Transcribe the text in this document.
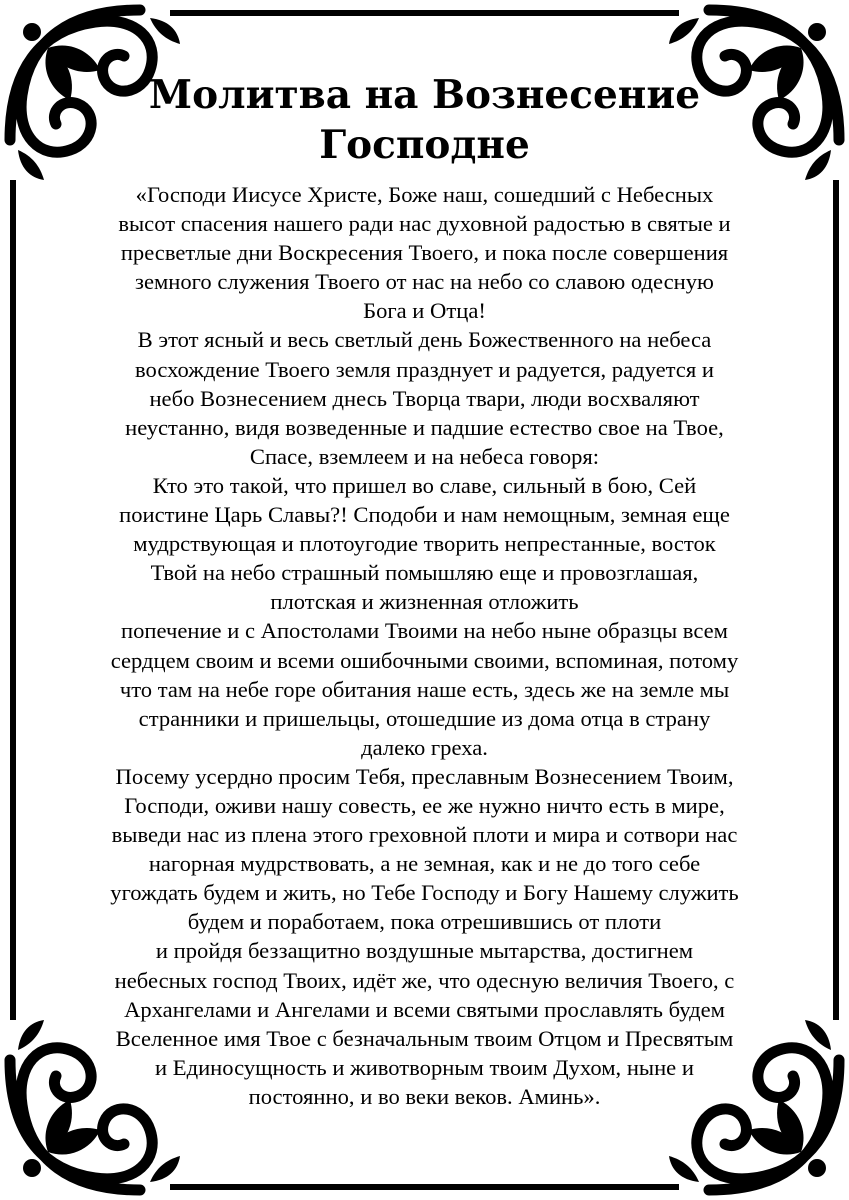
Молитва на Вознесение
Господне

«Господи Иисусе Христе, Боже наш, сошедший с Небесных
высот спасения нашего ради нас духовной радостью в святые и
пресветлые дни Воскресения Твоего, и пока после совершения
земного служения Твоего от нас на небо со славою одесную
Бога и Отца!

В этот ясный и весь светлый день Божественного на небеса
восхождение Твоего земля празднует и радуется, радуется и
небо Вознесением днесь Творца твари, люди восхваляют
неустанно, видя возведенные и падшие естество свое на Твое,
Спасе, вземлеем и на небеса говоря:

Кто это такой, что пришел во славе, сильный в бою, Сей
поистине Царь Славы?! Сподоби и нам немощным, земная еще
мудрствующая и плотоугодие творить непрестанные, восток
Твой на небо страшный помышляю еще и провозглашая,
плотская и жизненная отложить

попечение и с Апостолами Твоими на небо ныне образцы всем
сердцем своим и всеми ошибочными своими, вспоминая, потому
что там на небе горе обитания наше есть, здесь же на земле мы
странники и пришельцы, отошедшие из дома отца в страну
далеко греха.

Посему усердно просим Тебя, преславным Вознесением Твоим,
Господи, оживи нашу совесть, ее же нужно ничто есть в мире,
выведи нас из плена этого греховной плоти и мира и сотвори нас
нагорная мудрствовать, а не земная, как и не до того себе
угождать будем и жить, но Тебе Господу и Богу Нашему служить
будем и поработаем, пока отрешившись от плоти

и пройдя беззащитно воздушные мытарства, достигнем
небесных господ Твоих, идёт же, что одесную величия Твоего, с
Архангелами и Ангелами и всеми святыми прославлять будем
Вселенное имя Твое с безначальным твоим Отцом и Пресвятым
и Единосущность и животворным твоим Духом, ныне и
постоянно, и во веки веков. Аминь».
